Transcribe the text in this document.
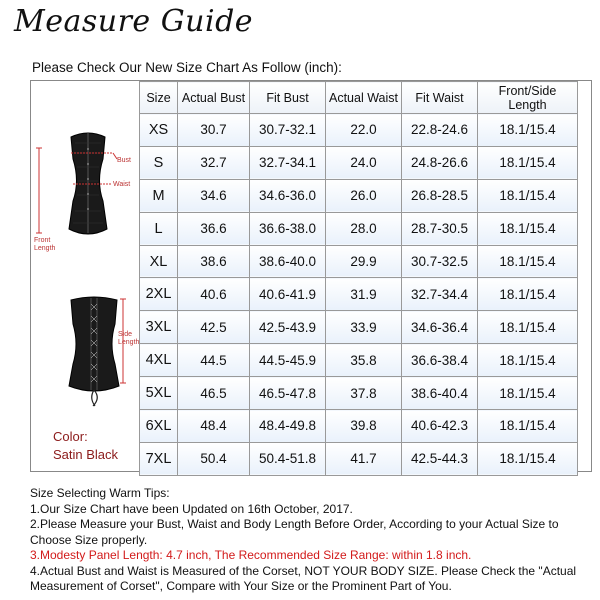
Measure Guide
Please Check Our New Size Chart As Follow (inch):
Bust
Waist
Front
Length
Side
Length
Color:
Satin Black
Size	Actual Bust	Fit Bust	Actual Waist	Fit Waist	Front/Side Length
XS	30.7	30.7-32.1	22.0	22.8-24.6	18.1/15.4
S	32.7	32.7-34.1	24.0	24.8-26.6	18.1/15.4
M	34.6	34.6-36.0	26.0	26.8-28.5	18.1/15.4
L	36.6	36.6-38.0	28.0	28.7-30.5	18.1/15.4
XL	38.6	38.6-40.0	29.9	30.7-32.5	18.1/15.4
2XL	40.6	40.6-41.9	31.9	32.7-34.4	18.1/15.4
3XL	42.5	42.5-43.9	33.9	34.6-36.4	18.1/15.4
4XL	44.5	44.5-45.9	35.8	36.6-38.4	18.1/15.4
5XL	46.5	46.5-47.8	37.8	38.6-40.4	18.1/15.4
6XL	48.4	48.4-49.8	39.8	40.6-42.3	18.1/15.4
7XL	50.4	50.4-51.8	41.7	42.5-44.3	18.1/15.4
Size Selecting Warm Tips:
1.Our Size Chart have been Updated on 16th October, 2017.
2.Please Measure your Bust, Waist and Body Length Before Order, According to your Actual Size to Choose Size properly.
3.Modesty Panel Length: 4.7 inch, The Recommended Size Range: within 1.8 inch.
4.Actual Bust and Waist is Measured of the Corset, NOT YOUR BODY SIZE. Please Check the "Actual Measurement of Corset", Compare with Your Size or the Prominent Part of You.
